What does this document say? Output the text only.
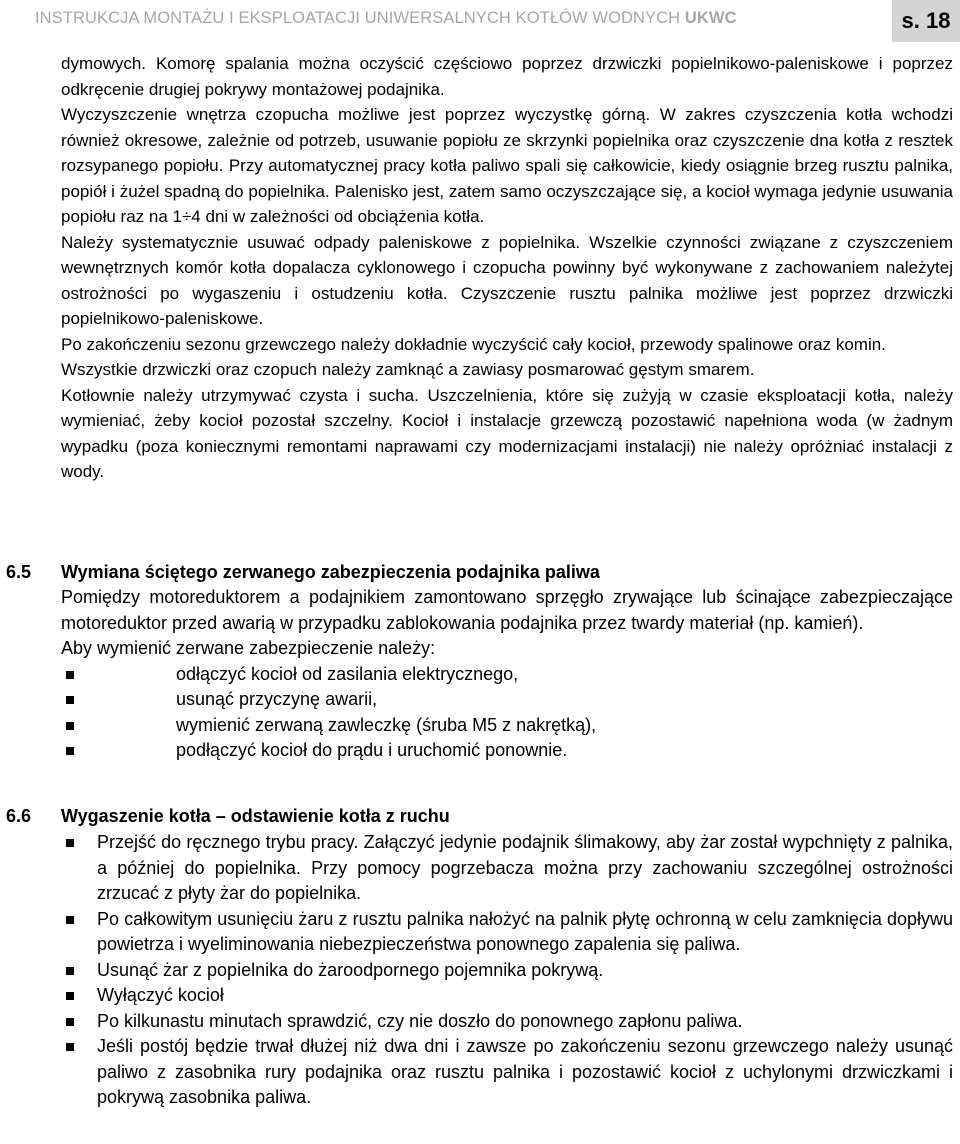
INSTRUKCJA MONTAŻU I EKSPLOATACJI UNIWERSALNYCH KOTŁÓW WODNYCH UKWC	s. 18

dymowych. Komorę spalania można oczyścić częściowo poprzez drzwiczki popielnikowo-paleniskowe i poprzez odkręcenie drugiej pokrywy montażowej podajnika.

Wyczyszczenie wnętrza czopucha możliwe jest poprzez wyczystkę górną. W zakres czyszczenia kotła wchodzi również okresowe, zależnie od potrzeb, usuwanie popiołu ze skrzynki popielnika oraz czyszczenie dna kotła z resztek rozsypanego popiołu. Przy automatycznej pracy kotła paliwo spali się całkowicie, kiedy osiągnie brzeg rusztu palnika, popiół i żużel spadną do popielnika. Palenisko jest, zatem samo oczyszczające się, a kocioł wymaga jedynie usuwania popiołu raz na 1÷4 dni w zależności od obciążenia kotła.

Należy systematycznie usuwać odpady paleniskowe z popielnika. Wszelkie czynności związane z czyszczeniem wewnętrznych komór kotła dopalacza cyklonowego i czopucha powinny być wykonywane z zachowaniem należytej ostrożności po wygaszeniu i ostudzeniu kotła. Czyszczenie rusztu palnika możliwe jest poprzez drzwiczki popielnikowo-paleniskowe.

Po zakończeniu sezonu grzewczego należy dokładnie wyczyścić cały kocioł, przewody spalinowe oraz komin.

Wszystkie drzwiczki oraz czopuch należy zamknąć a zawiasy posmarować gęstym smarem.

Kotłownie należy utrzymywać czysta i sucha. Uszczelnienia, które się zużyją w czasie eksploatacji kotła, należy wymieniać, żeby kocioł pozostał szczelny. Kocioł i instalacje grzewczą pozostawić napełniona woda (w żadnym wypadku (poza koniecznymi remontami naprawami czy modernizacjami instalacji) nie należy opróżniać instalacji z wody.

6.5 Wymiana ściętego zerwanego zabezpieczenia podajnika paliwa

Pomiędzy motoreduktorem a podajnikiem zamontowano sprzęgło zrywające lub ścinające zabezpieczające motoreduktor przed awarią w przypadku zablokowania podajnika przez twardy materiał (np. kamień).

Aby wymienić zerwane zabezpieczenie należy:

odłączyć kocioł od zasilania elektrycznego,
usunąć przyczynę awarii,
wymienić zerwaną zawleczkę (śruba M5 z nakrętką),
podłączyć kocioł do prądu i uruchomić ponownie.
6.6 Wygaszenie kotła – odstawienie kotła z ruchu
Przejść do ręcznego trybu pracy. Załączyć jedynie podajnik ślimakowy, aby żar został wypchnięty z palnika, a później do popielnika. Przy pomocy pogrzebacza można przy zachowaniu szczególnej ostrożności zrzucać z płyty żar do popielnika.
Po całkowitym usunięciu żaru z rusztu palnika nałożyć na palnik płytę ochronną w celu zamknięcia dopływu powietrza i wyeliminowania niebezpieczeństwa ponownego zapalenia się paliwa.
Usunąć żar z popielnika do żaroodpornego pojemnika pokrywą.
Wyłączyć kocioł
Po kilkunastu minutach sprawdzić, czy nie doszło do ponownego zapłonu paliwa.
Jeśli postój będzie trwał dłużej niż dwa dni i zawsze po zakończeniu sezonu grzewczego należy usunąć paliwo z zasobnika rury podajnika oraz rusztu palnika i pozostawić kocioł z uchylonymi drzwiczkami i pokrywą zasobnika paliwa.
